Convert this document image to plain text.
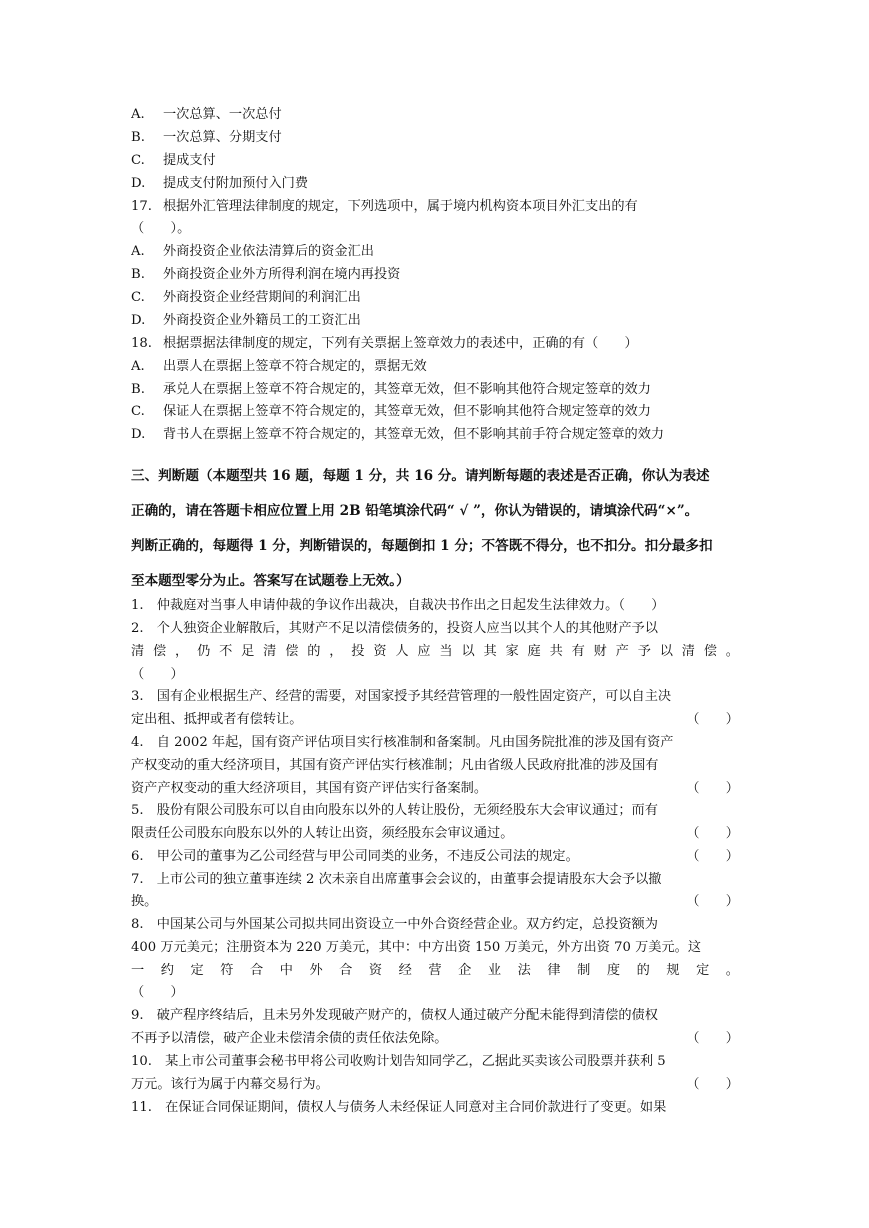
A. 一次总算、一次总付
B. 一次总算、分期支付
C. 提成支付
D. 提成支付附加预付入门费
17. 根据外汇管理法律制度的规定，下列选项中，属于境内机构资本项目外汇支出的有
（　　）。
A. 外商投资企业依法清算后的资金汇出
B. 外商投资企业外方所得利润在境内再投资
C. 外商投资企业经营期间的利润汇出
D. 外商投资企业外籍员工的工资汇出
18. 根据票据法律制度的规定，下列有关票据上签章效力的表述中，正确的有（　　）
A. 出票人在票据上签章不符合规定的，票据无效
B. 承兑人在票据上签章不符合规定的，其签章无效，但不影响其他符合规定签章的效力
C. 保证人在票据上签章不符合规定的，其签章无效，但不影响其他符合规定签章的效力
D. 背书人在票据上签章不符合规定的，其签章无效，但不影响其前手符合规定签章的效力
三、判断题（本题型共 16 题，每题 1 分，共 16 分。请判断每题的表述是否正确，你认为表述
正确的，请在答题卡相应位置上用 2B 铅笔填涂代码“ √ ”，你认为错误的，请填涂代码“×”。
判断正确的，每题得 1 分，判断错误的，每题倒扣 1 分；不答既不得分，也不扣分。扣分最多扣
至本题型零分为止。答案写在试题卷上无效。）
1.　仲裁庭对当事人申请仲裁的争议作出裁决，自裁决书作出之日起发生法律效力。（　　）
2.　个人独资企业解散后，其财产不足以清偿债务的，投资人应当以其个人的其他财产予以
清偿，仍不足清偿的，投资人应当以其家庭共有财产予以清偿。
（　　）
3.　国有企业根据生产、经营的需要，对国家授予其经营管理的一般性固定资产，可以自主决
定出租、抵押或者有偿转让。	（　　）
4.　自 2002 年起，国有资产评估项目实行核准制和备案制。凡由国务院批准的涉及国有资产
产权变动的重大经济项目，其国有资产评估实行核准制；凡由省级人民政府批准的涉及国有
资产产权变动的重大经济项目，其国有资产评估实行备案制。	（　　）
5.　股份有限公司股东可以自由向股东以外的人转让股份，无须经股东大会审议通过；而有
限责任公司股东向股东以外的人转让出资，须经股东会审议通过。	（　　）
6.　甲公司的董事为乙公司经营与甲公司同类的业务，不违反公司法的规定。	（　　）
7.　上市公司的独立董事连续 2 次未亲自出席董事会会议的，由董事会提请股东大会予以撤
换。	（　　）
8.　中国某公司与外国某公司拟共同出资设立一中外合资经营企业。双方约定，总投资额为
400 万元美元；注册资本为 220 万美元，其中：中方出资 150 万美元，外方出资 70 万美元。这
一约定符合中外合资经营企业法律制度的规定。
（　　）
9.　破产程序终结后，且未另外发现破产财产的，债权人通过破产分配未能得到清偿的债权
不再予以清偿，破产企业未偿清余债的责任依法免除。	（　　）
10.　某上市公司董事会秘书甲将公司收购计划告知同学乙，乙据此买卖该公司股票并获利 5
万元。该行为属于内幕交易行为。	（　　）
11.　在保证合同保证期间，债权人与债务人未经保证人同意对主合同价款进行了变更。如果
